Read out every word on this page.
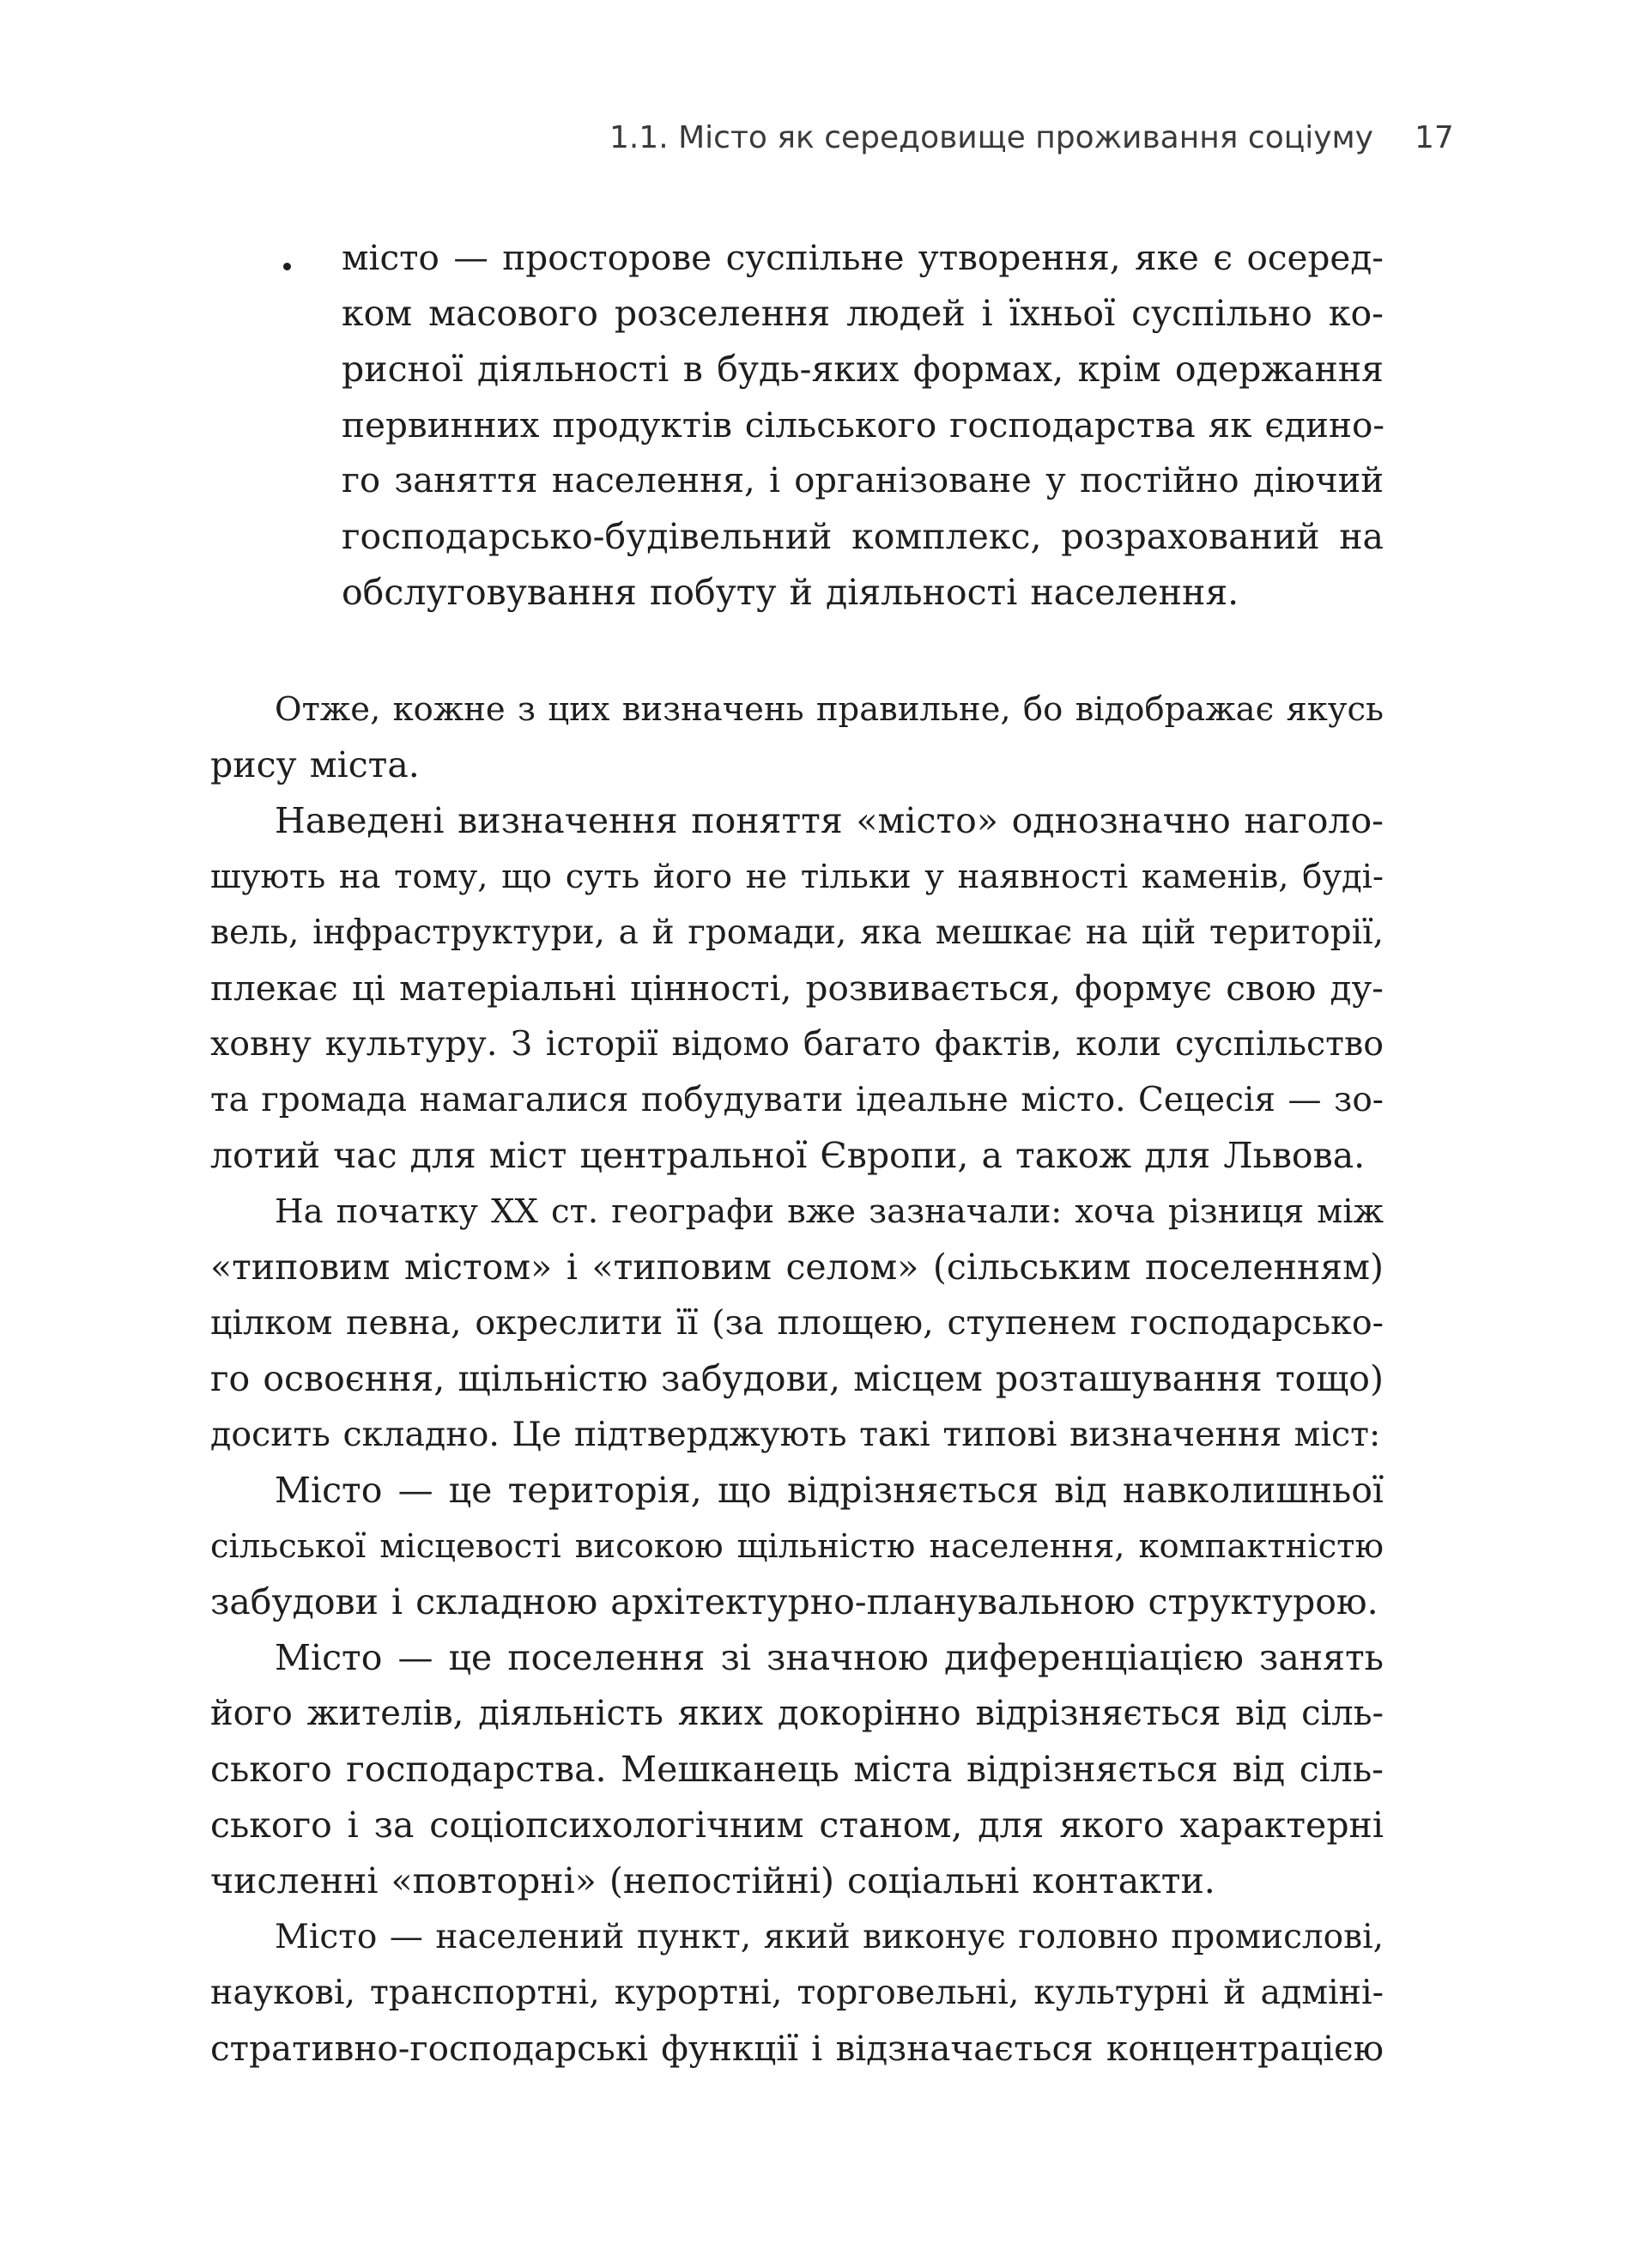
1.1. Місто як середовище проживання соціуму 17
місто — просторове суспільне утворення, яке є осеред-
ком масового розселення людей і їхньої суспільно ко-
рисної діяльності в будь-яких формах, крім одержання
первинних продуктів сільського господарства як єдино-
го заняття населення, і організоване у постійно діючий
господарсько-будівельний комплекс, розрахований на
обслуговування побуту й діяльності населення.
Отже, кожне з цих визначень правильне, бо відображає якусь
рису міста.
Наведені визначення поняття «місто» однозначно наголо-
шують на тому, що суть його не тільки у наявності каменів, буді-
вель, інфраструктури, а й громади, яка мешкає на цій території,
плекає ці матеріальні цінності, розвивається, формує свою ду-
ховну культуру. З історії відомо багато фактів, коли суспільство
та громада намагалися побудувати ідеальне місто. Сецесія — зо-
лотий час для міст центральної Європи, а також для Львова.
На початку XX ст. географи вже зазначали: хоча різниця між
«типовим містом» і «типовим селом» (сільським поселенням)
цілком певна, окреслити її (за площею, ступенем господарсько-
го освоєння, щільністю забудови, місцем розташування тощо)
досить складно. Це підтверджують такі типові визначення міст:
Місто — це територія, що відрізняється від навколишньої
сільської місцевості високою щільністю населення, компактністю
забудови і складною архітектурно-планувальною структурою.
Місто — це поселення зі значною диференціацією занять
його жителів, діяльність яких докорінно відрізняється від сіль-
ського господарства. Мешканець міста відрізняється від сіль-
ського і за соціопсихологічним станом, для якого характерні
численні «повторні» (непостійні) соціальні контакти.
Місто — населений пункт, який виконує головно промислові,
наукові, транспортні, курортні, торговельні, культурні й адміні-
стративно-господарські функції і відзначається концентрацією
